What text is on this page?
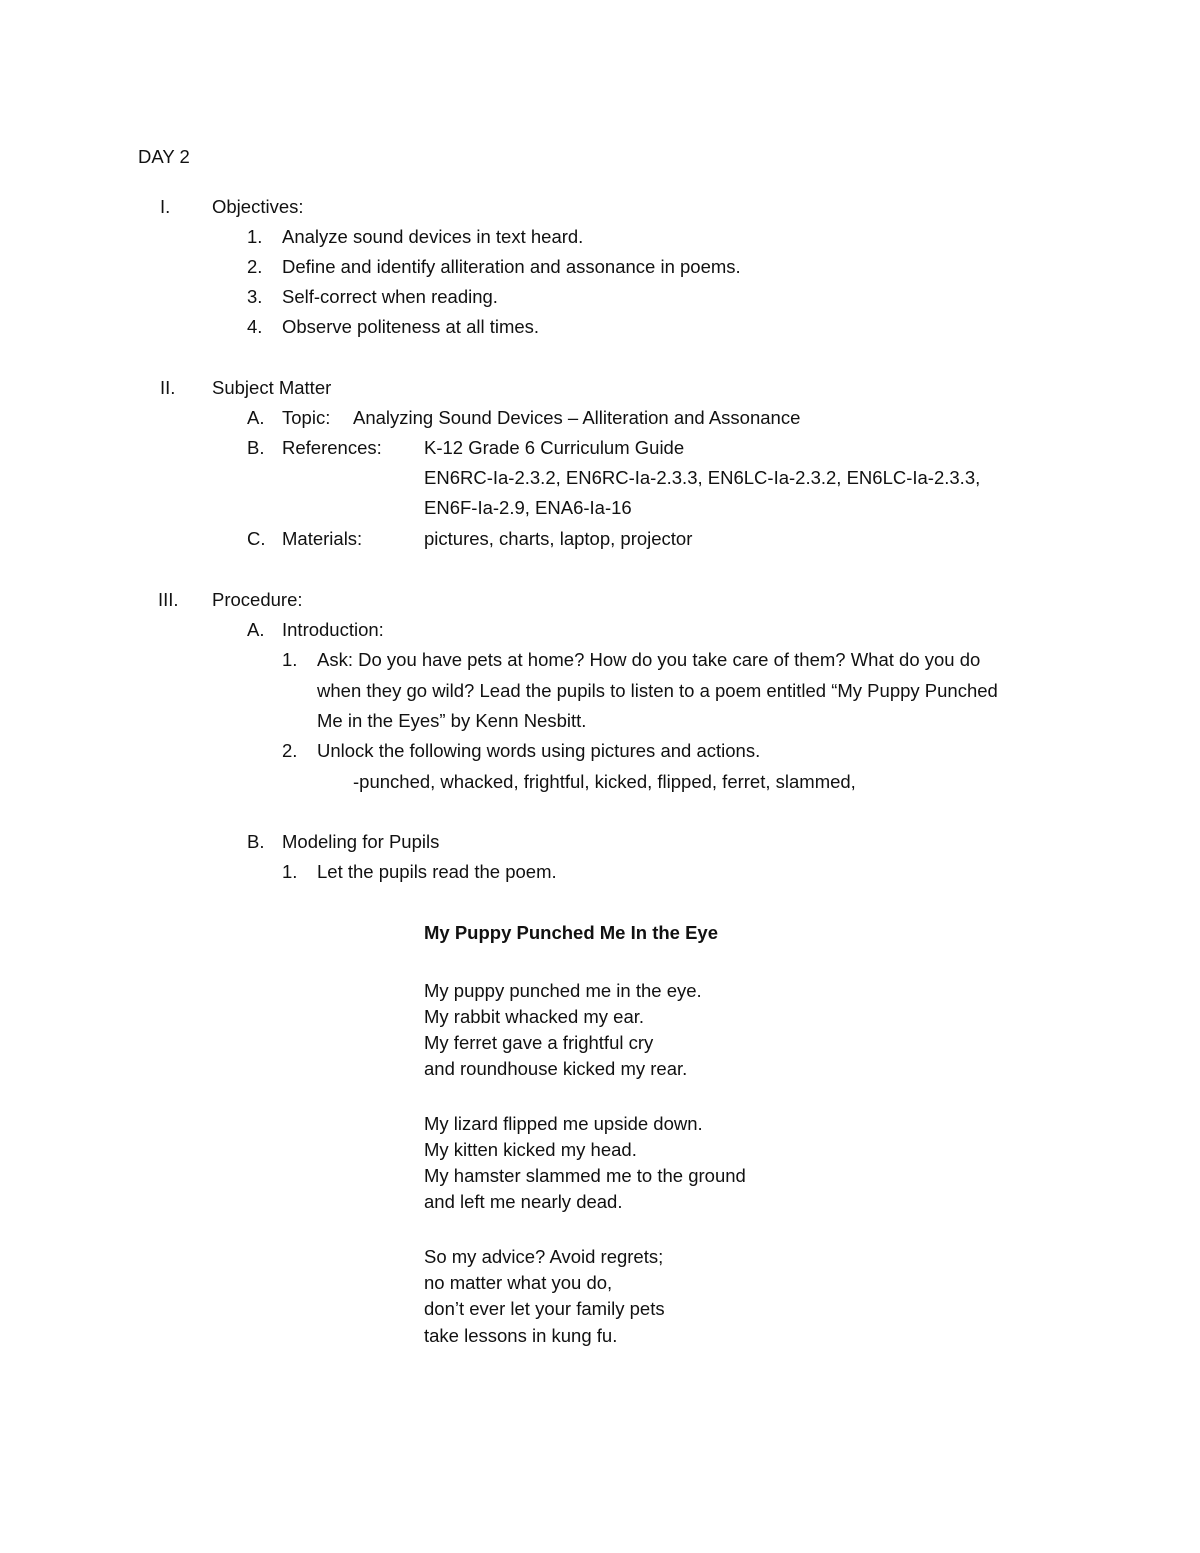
DAY 2
I. Objectives:
1. Analyze sound devices in text heard.
2. Define and identify alliteration and assonance in poems.
3. Self-correct when reading.
4. Observe politeness at all times.
II. Subject Matter
A. Topic: Analyzing Sound Devices – Alliteration and Assonance
B. References: K-12 Grade 6 Curriculum Guide
EN6RC-Ia-2.3.2, EN6RC-Ia-2.3.3, EN6LC-Ia-2.3.2, EN6LC-Ia-2.3.3,
EN6F-Ia-2.9, ENA6-Ia-16
C. Materials:	pictures, charts, laptop, projector
III. Procedure:
A. Introduction:
1. Ask: Do you have pets at home? How do you take care of them? What do you do
when they go wild? Lead the pupils to listen to a poem entitled “My Puppy Punched
Me in the Eyes” by Kenn Nesbitt.
2. Unlock the following words using pictures and actions.
-punched, whacked, frightful, kicked, flipped, ferret, slammed,
B. Modeling for Pupils
1. Let the pupils read the poem.
My Puppy Punched Me In the Eye
My puppy punched me in the eye.
My rabbit whacked my ear.
My ferret gave a frightful cry
and roundhouse kicked my rear.
My lizard flipped me upside down.
My kitten kicked my head.
My hamster slammed me to the ground
and left me nearly dead.
So my advice? Avoid regrets;
no matter what you do,
don’t ever let your family pets
take lessons in kung fu.
